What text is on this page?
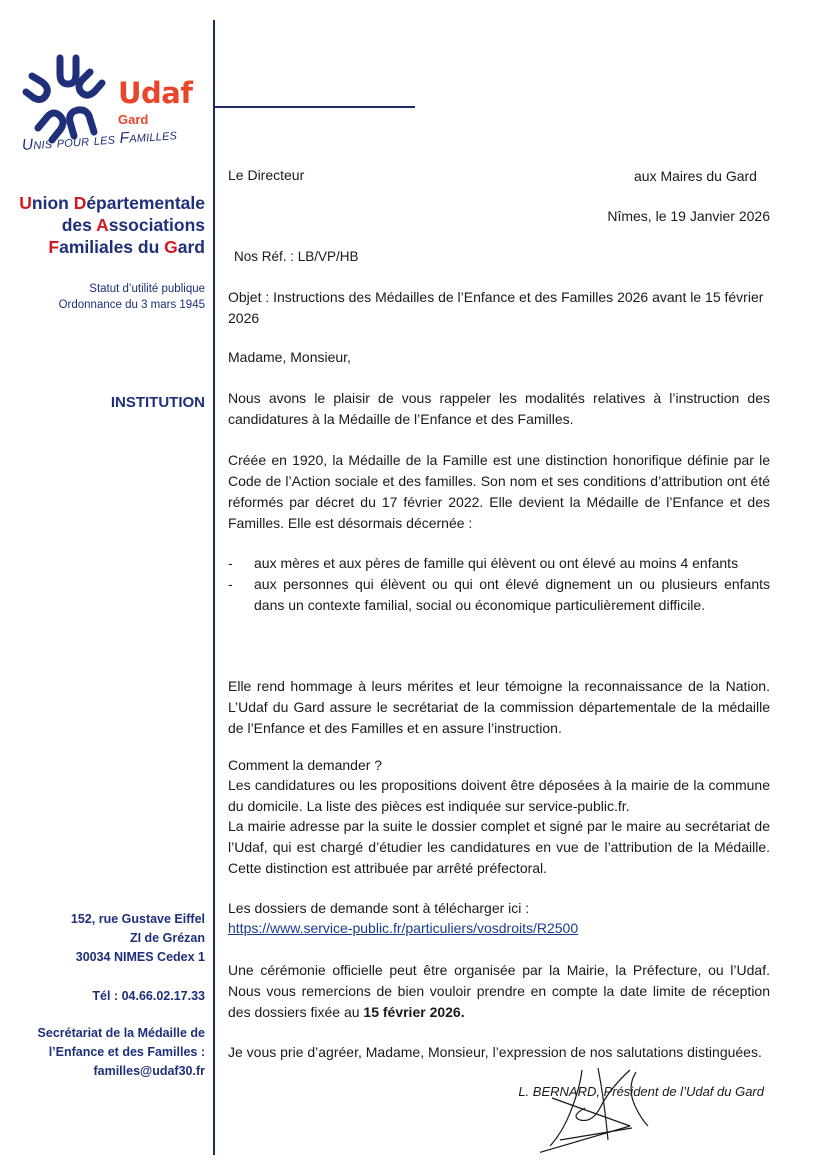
Udaf
Gard
Unis pour les Familles
Union Départementale
des Associations
Familiales du Gard
Statut d’utilité publique
Ordonnance du 3 mars 1945
INSTITUTION
152, rue Gustave Eiffel
ZI de Grézan
30034 NIMES Cedex 1
Tél : 04.66.02.17.33
Secrétariat de la Médaille de
l’Enfance et des Familles :
familles@udaf30.fr
Le Directeur	aux Maires du Gard
Nîmes, le 19 Janvier 2026
Nos Réf. : LB/VP/HB
Objet : Instructions des Médailles de l’Enfance et des Familles 2026 avant le 15 février 2026
Madame, Monsieur,
Nous avons le plaisir de vous rappeler les modalités relatives à l’instruction des candidatures à la Médaille de l’Enfance et des Familles.
Créée en 1920, la Médaille de la Famille est une distinction honorifique définie par le Code de l’Action sociale et des familles. Son nom et ses conditions d’attribution ont été réformés par décret du 17 février 2022. Elle devient la Médaille de l’Enfance et des Familles. Elle est désormais décernée :
- aux mères et aux pères de famille qui élèvent ou ont élevé au moins 4 enfants
- aux personnes qui élèvent ou qui ont élevé dignement un ou plusieurs enfants dans un contexte familial, social ou économique particulièrement difficile.
Elle rend hommage à leurs mérites et leur témoigne la reconnaissance de la Nation. L’Udaf du Gard assure le secrétariat de la commission départementale de la médaille de l’Enfance et des Familles et en assure l’instruction.
Comment la demander ?
Les candidatures ou les propositions doivent être déposées à la mairie de la commune du domicile. La liste des pièces est indiquée sur service-public.fr.
La mairie adresse par la suite le dossier complet et signé par le maire au secrétariat de l’Udaf, qui est chargé d’étudier les candidatures en vue de l’attribution de la Médaille. Cette distinction est attribuée par arrêté préfectoral.
Les dossiers de demande sont à télécharger ici :
https://www.service-public.fr/particuliers/vosdroits/R2500
Une cérémonie officielle peut être organisée par la Mairie, la Préfecture, ou l’Udaf. Nous vous remercions de bien vouloir prendre en compte la date limite de réception des dossiers fixée au 15 février 2026.
Je vous prie d’agréer, Madame, Monsieur, l’expression de nos salutations distinguées.
L. BERNARD, Président de l’Udaf du Gard
